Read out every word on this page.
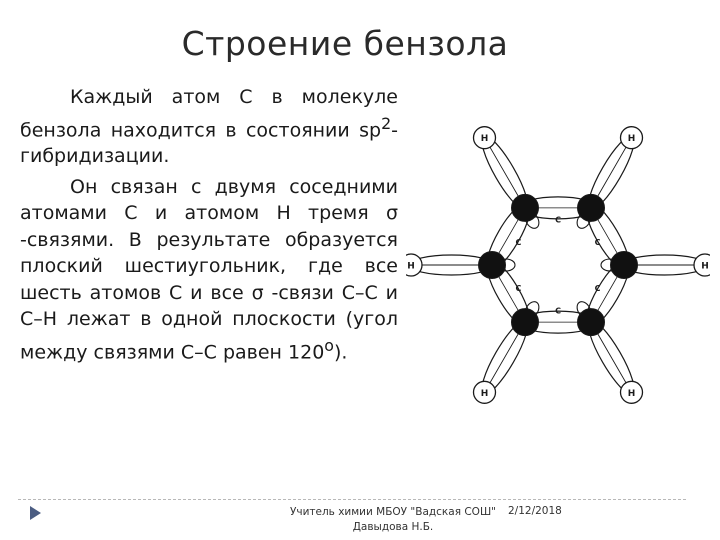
Строение бензола

Каждый атом С в молекуле бензола находится в состоянии $sp^2$-гибридизации.

Он связан с двумя соседними атомами С и атомом Н тремя σ -связями. В результате образуется плоский шестиугольник, где все шесть атомов С и все σ -связи С–С и С–Н лежат в одной плоскости (угол между связями С–С равен $120^о$).

C
C
C
C
C
C
H
H
H
H
H
H
Учитель химии МБОУ "Вадская СОШ"
Давыдова Н.Б.
2/12/2018
